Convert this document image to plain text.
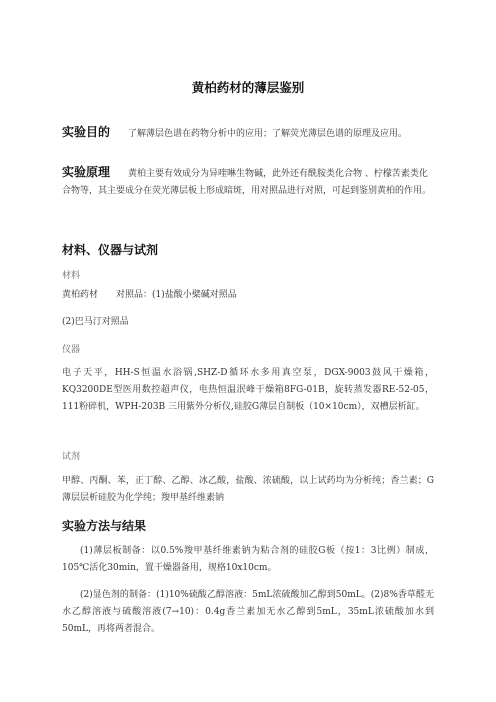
黄柏药材的薄层鉴别
实验目的 了解薄层色谱在药物分析中的应用；了解荧光薄层色谱的原理及应用。
实验原理 黄柏主要有效成分为异喹啉生物碱，此外还有酰胺类化合物 、柠檬苦素类化合物等，其主要成分在荧光薄层板上形成暗斑，用对照品进行对照，可起到鉴别黄柏的作用。
材料、仪器与试剂
材料
黄柏药材 对照品：(1)盐酸小檗碱对照品
(2)巴马汀对照品
仪器
电子天平，HH-S恒温水浴锅,SHZ-D循环水多用真空泵，DGX-9003鼓风干燥箱，KQ3200DE型医用数控超声仪，电热恒温泯峰干燥箱8FG-01B，旋转蒸发器RE-52-05，111粉碎机，WPH-203B 三用紫外分析仪,硅胶G薄层自制板（10×10cm），双槽层析缸。
试剂
甲醇、丙酮、苯，正丁醇、乙醇、冰乙酸，盐酸、浓硫酸，以上试药均为分析纯；香兰素；G薄层层析硅胶为化学纯；羧甲基纤维素钠
实验方法与结果
(1)薄层板制备：以0.5%羧甲基纤维素钠为粘合剂的硅胶G板（按1：3比例）制成，105℃活化30min，置干燥器备用，规格10x10cm。
(2)显色剂的制备：(1)10%硫酸乙醇溶液：5mL浓硫酸加乙醇到50mL。(2)8%香草醛无水乙醇溶液与硫酸溶液(7→10)：0.4g香兰素加无水乙醇到5mL，35mL浓硫酸加水到50mL，再将两者混合。
